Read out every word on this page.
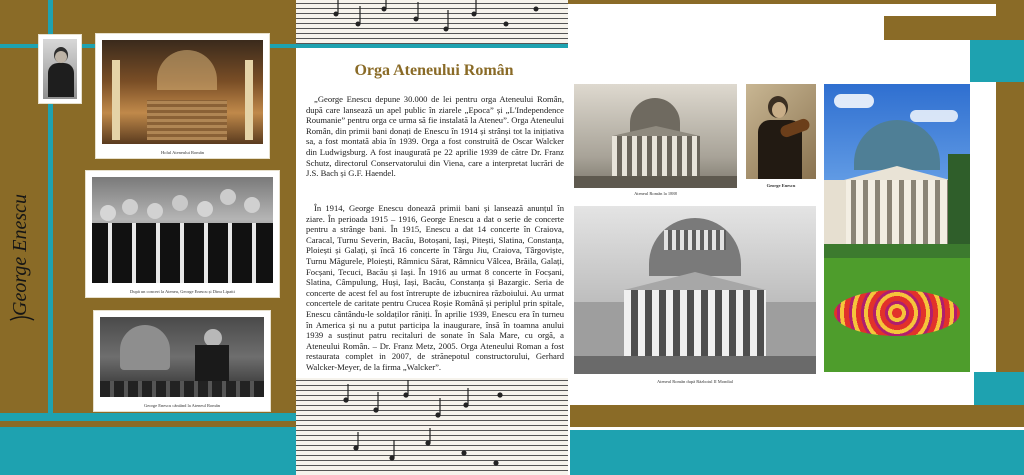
George Enescu
Holul Ateneului Român
După un concert la Ateneu, George Enescu și Dinu Lipatti
George Enescu cântând la Ateneul Român
Orga Ateneului Român

„George Enescu depune 30.000 de lei pentru orga Ateneului Român, după care lansează un apel public în ziarele „Epoca” și „L'Independence Roumanie” pentru orga ce urma să fie instalată la Ateneu”. Orga Ateneului Român, din primii bani donați de Enescu în 1914 și strânși tot la inițiativa sa, a fost montată abia în 1939. Orga a fost construită de Oscar Walcker din Ludwigsburg. A fost inaugurată pe 22 aprilie 1939 de către Dr. Franz Schutz, directorul Conservatorului din Viena, care a interpretat lucrări de J.S. Bach și G.F. Haendel.

În 1914, George Enescu donează primii bani și lansează anunțul în ziare. În perioada 1915 – 1916, George Enescu a dat o serie de concerte pentru a strânge bani. În 1915, Enescu a dat 14 concerte în Craiova, Caracal, Turnu Severin, Bacău, Botoșani, Iași, Pitești, Slatina, Constanța, Ploiești și Galați, și încă 16 concerte în Târgu Jiu, Craiova, Târgoviște, Turnu Măgurele, Ploiești, Râmnicu Sărat, Râmnicu Vâlcea, Brăila, Galați, Focșani, Tecuci, Bacău și Iași. În 1916 au urmat 8 concerte în Focșani, Slatina, Câmpulung, Huși, Iași, Bacău, Constanța și Bazargic. Seria de concerte de acest fel au fost întrerupte de izbucnirea războiului. Au urmat concertele de caritate pentru Crucea Roșie Română și periplul prin spitale, Enescu cântându-le soldaților răniți. În aprilie 1939, Enescu era în turneu în America și nu a putut participa la inaugurare, însă în toamna anului 1939 a susținut patru recitaluri de sonate în Sala Mare, cu orgă, a Ateneului Român. – Dr. Franz Metz, 2005. Orga Ateneului Roman a fost restaurata complet in 2007, de strănepotul constructorului, Gerhard Walcker-Meyer, de la firma „Walcker”.

Ateneul Român la 1888
George Enescu
Ateneul Român după Războiul II Mondial
